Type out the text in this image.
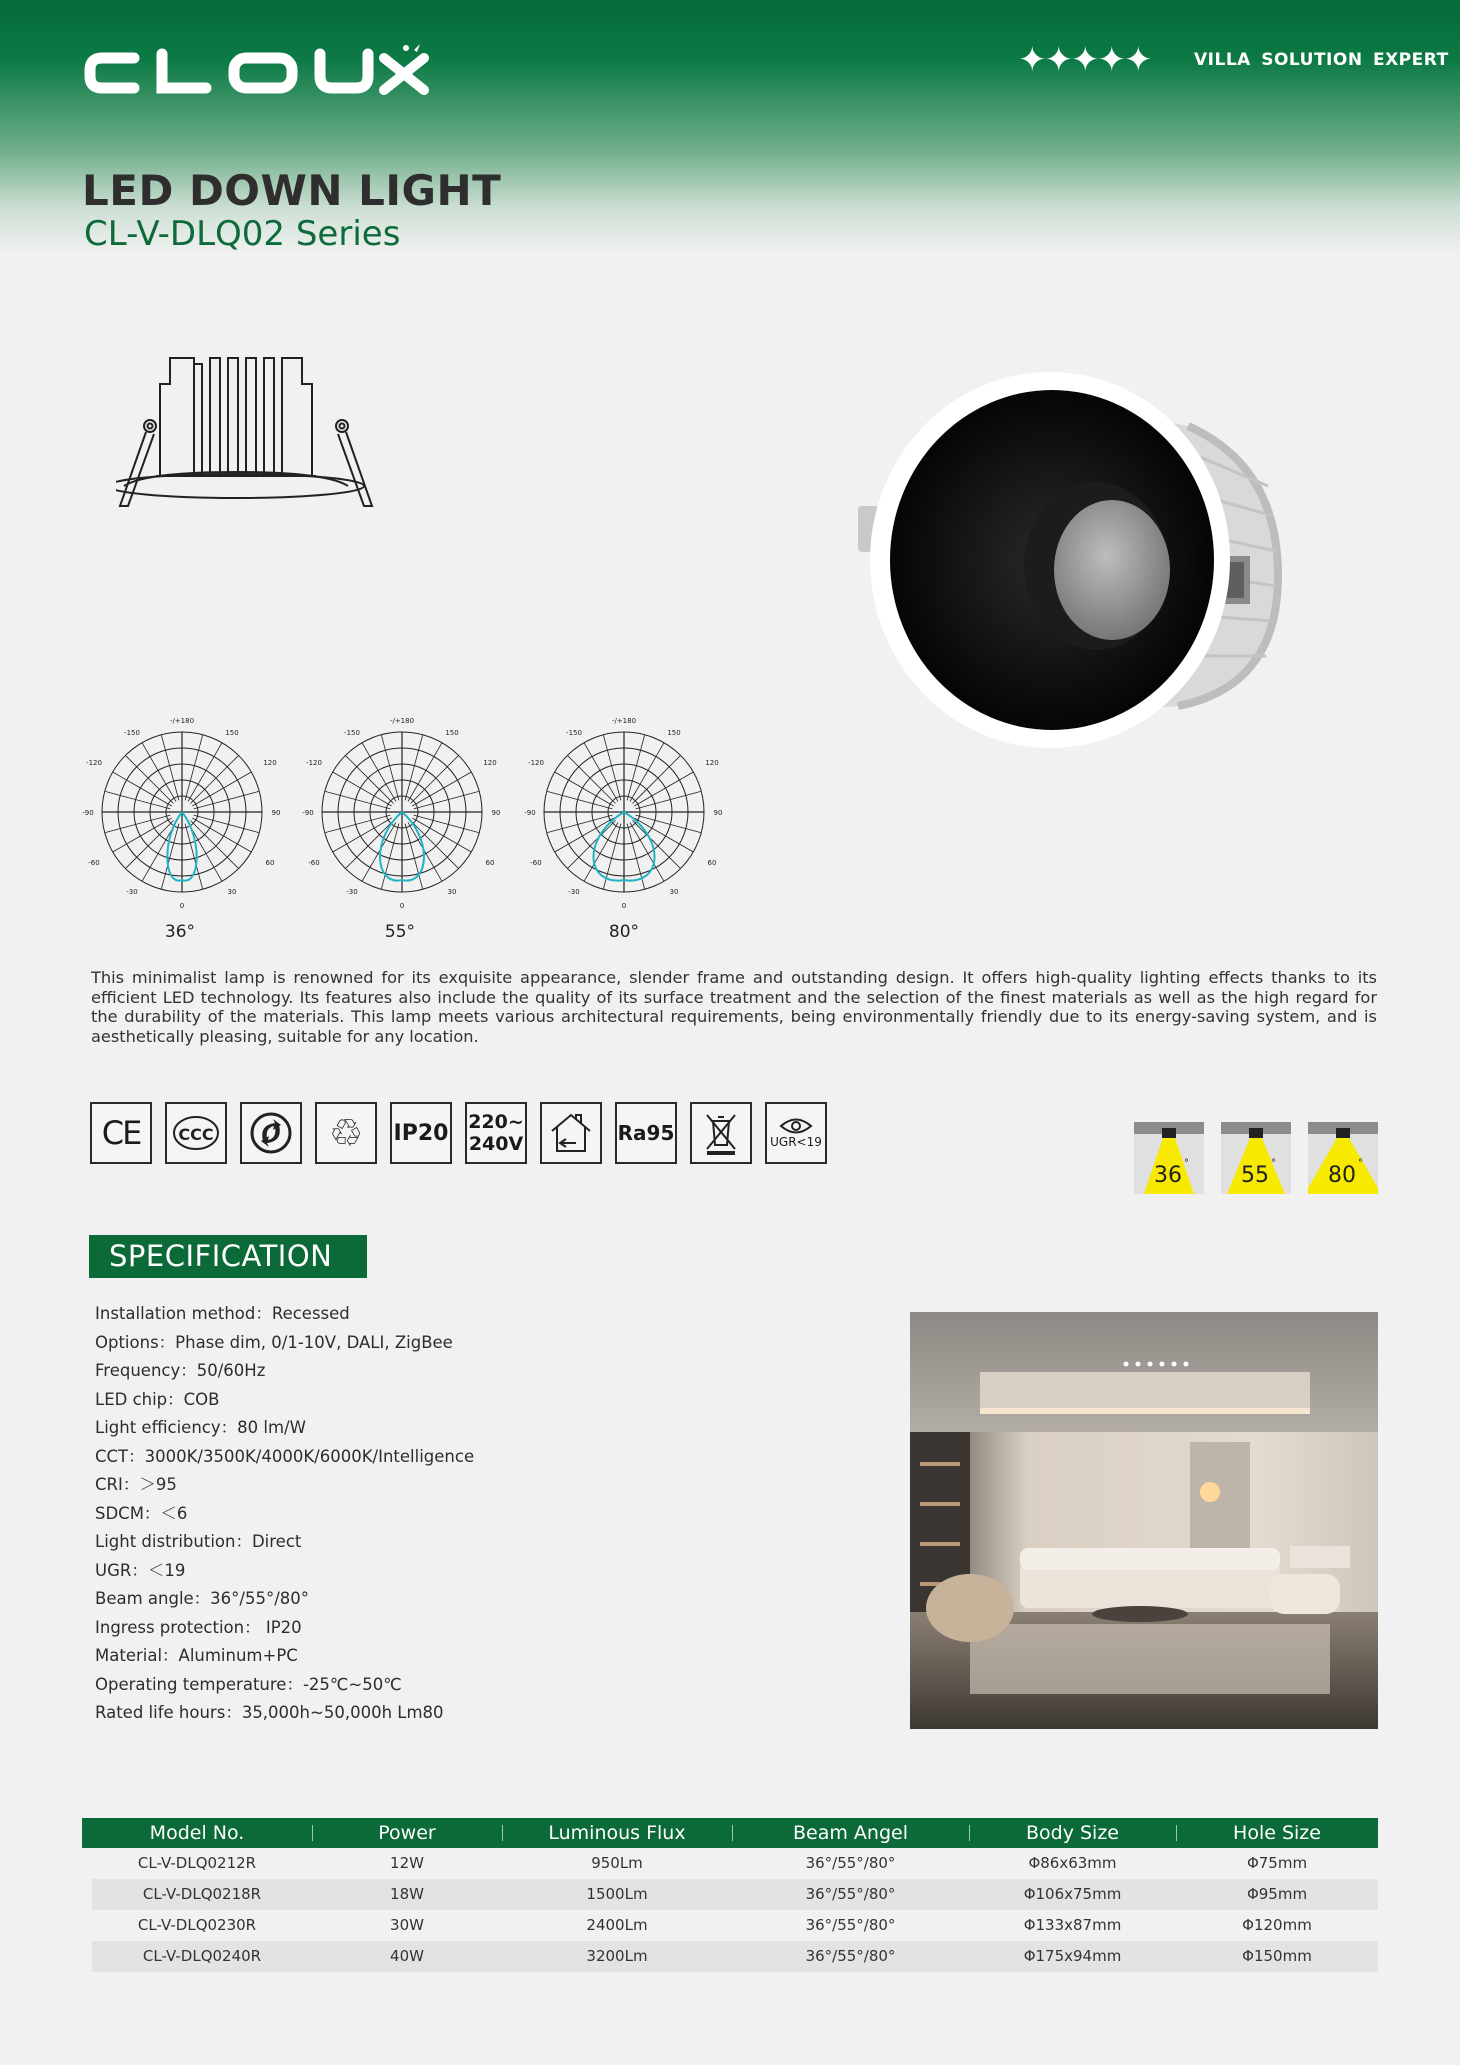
✦✦✦✦✦	VILLA SOLUTION EXPERT
LED DOWN LIGHT
CL-V-DLQ02 Series
-/+180
-150	150
-120	120
-90	90
-60	60
-30	30
0
-/+180
-150	150
-120	120
-90	90
-60	60
-30	30
0
-/+180
-150	150
-120	120
-90	90
-60	60
-30	30
0
36°	55°	80°

This minimalist lamp is renowned for its exquisite appearance, slender frame and outstanding design. It offers high-quality lighting effects thanks to its efficient LED technology. Its features also include the quality of its surface treatment and the selection of the finest materials as well as the high regard for the durability of the materials. This lamp meets various architectural requirements, being environmentally friendly due to its energy-saving system, and is aesthetically pleasing, suitable for any location.

CE CCC	♲ IP20 220~
240V	Ra95	UGR<19
36 ° 55 ° 80 °
SPECIFICATION
Installation method：Recessed
Options：Phase dim, 0/1-10V, DALI, ZigBee
Frequency：50/60Hz
LED chip：COB
Light efficiency：80 lm/W
CCT：3000K/3500K/4000K/6000K/Intelligence
CRI：＞95
SDCM：＜6
Light distribution：Direct
UGR：＜19
Beam angle：36°/55°/80°
Ingress protection： IP20
Material：Aluminum+PC
Operating temperature：-25℃~50℃
Rated life hours：35,000h~50,000h Lm80
Model No.	Power	Luminous Flux	Beam Angel	Body Size	Hole Size
CL-V-DLQ0212R	12W	950Lm	36°/55°/80°	Φ86x63mm	Φ75mm
CL-V-DLQ0218R	18W	1500Lm	36°/55°/80°	Φ106x75mm	Φ95mm
CL-V-DLQ0230R	30W	2400Lm	36°/55°/80°	Φ133x87mm	Φ120mm
CL-V-DLQ0240R	40W	3200Lm	36°/55°/80°	Φ175x94mm	Φ150mm
